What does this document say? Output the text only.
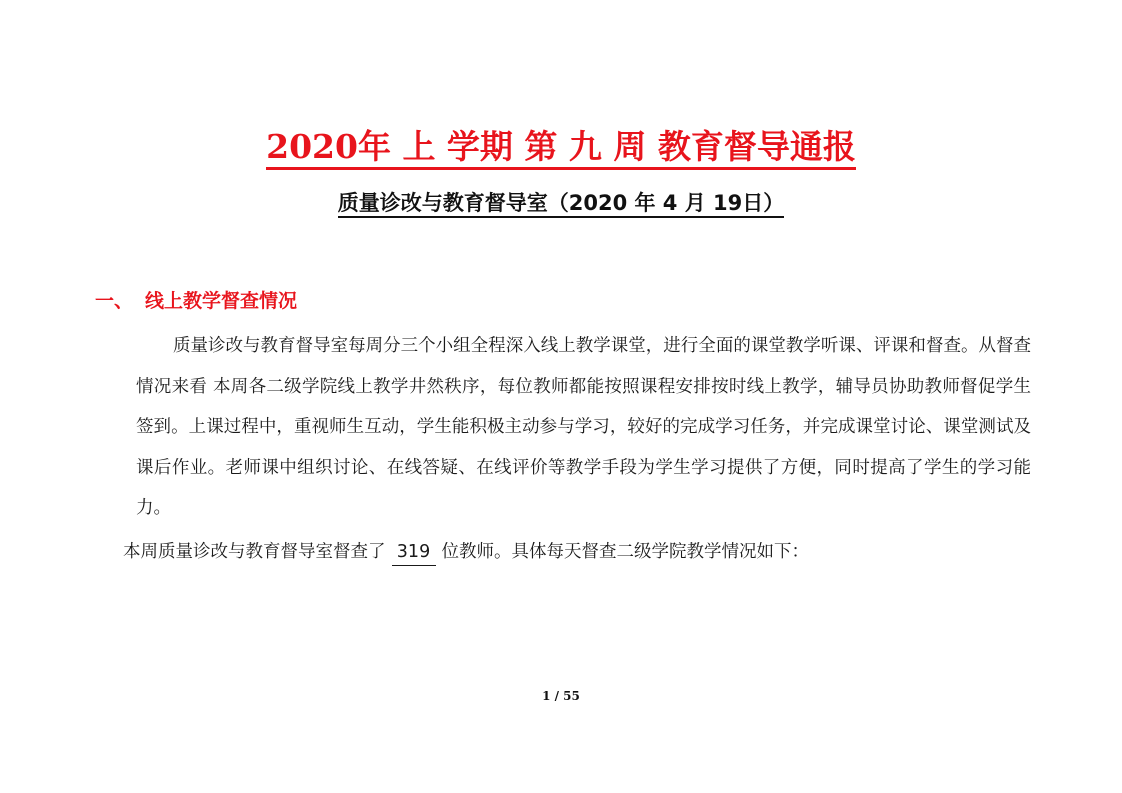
2020年 上 学期 第 九 周 教育督导通报
质量诊改与教育督导室（2020 年 4 月 19日）
一、 线上教学督查情况
质量诊改与教育督导室每周分三个小组全程深入线上教学课堂，进行全面的课堂教学听课、评课和督查。从督查情况来看 本周各二级学院线上教学井然秩序，每位教师都能按照课程安排按时线上教学，辅导员协助教师督促学生签到。上课过程中，重视师生互动，学生能积极主动参与学习，较好的完成学习任务，并完成课堂讨论、课堂测试及课后作业。老师课中组织讨论、在线答疑、在线评价等教学手段为学生学习提供了方便，同时提高了学生的学习能力。
本周质量诊改与教育督导室督查了 319 位教师。具体每天督查二级学院教学情况如下：
1 / 55
